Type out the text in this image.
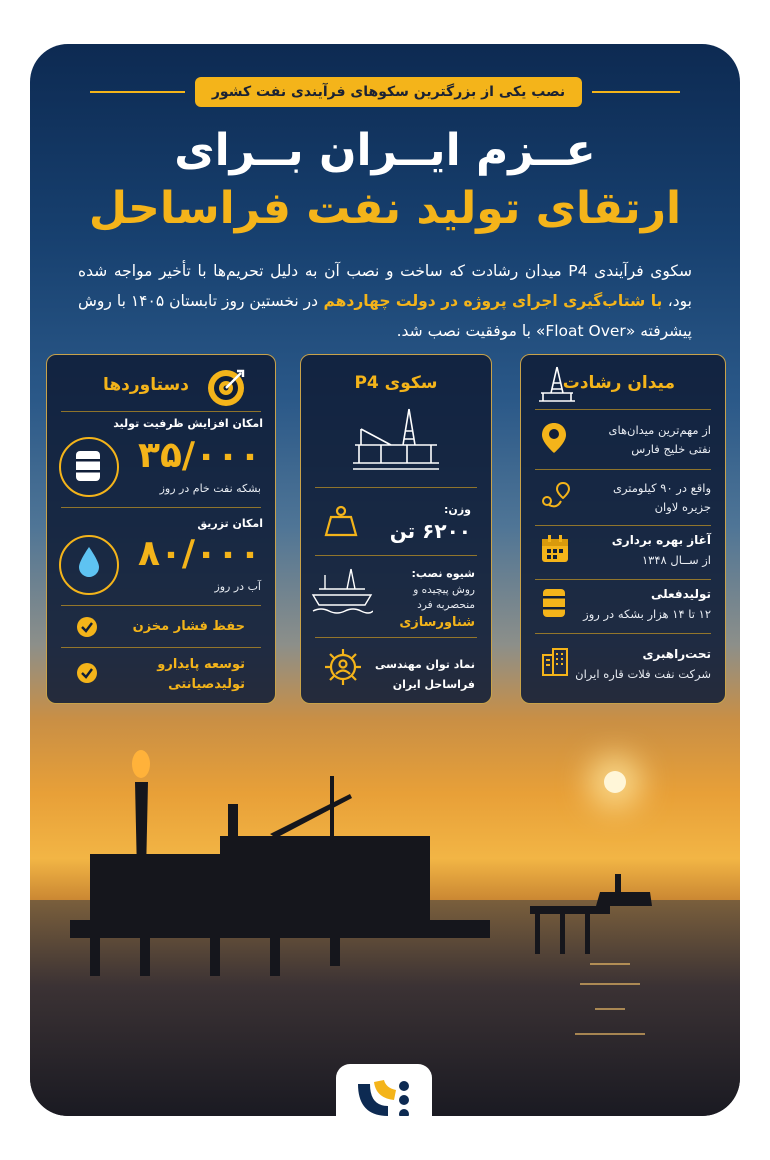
نصب یکی از بزرگترین سکوهای فرآیندی نفت کشور
عــزم ایــران بــرای
ارتقای تولید نفت فراساحل
سکوی فرآیندی P4 میدان رشادت که ساخت و نصب آن به دلیل تحریم‌ها با تأخیر مواجه شده بود، با شتاب‌گیری اجرای پروژه در دولت چهاردهم در نخستین روز تابستان ۱۴۰۵ با روش پیشرفته «Float Over» با موفقیت نصب شد.
میدان رشادت
از مهم‌ترین میدان‌های نفتی خلیج فارس
واقع در ۹۰ کیلومتری جزیره لاوان
آغاز بهره برداری
از ســال ۱۳۴۸
تولیدفعلی
۱۲ تا ۱۴ هزار بشکه در روز
تحت‌راهبری
شرکت نفت فلات قاره ایران
سکوی P4
وزن:
۶۲۰۰ تن
شیوه نصب:
روش پیچیده و منحصربه فرد
شناورسازی
نماد توان مهندسی فراساحل ایران
دستاوردها
امکان افزایش ظرفیت تولید
۳۵/۰۰۰
بشکه نفت خام در روز
امکان تزریق
۸۰/۰۰۰
آب در روز
حفظ فشار مخزن
توسعه پایدارو تولیدصیانتی
